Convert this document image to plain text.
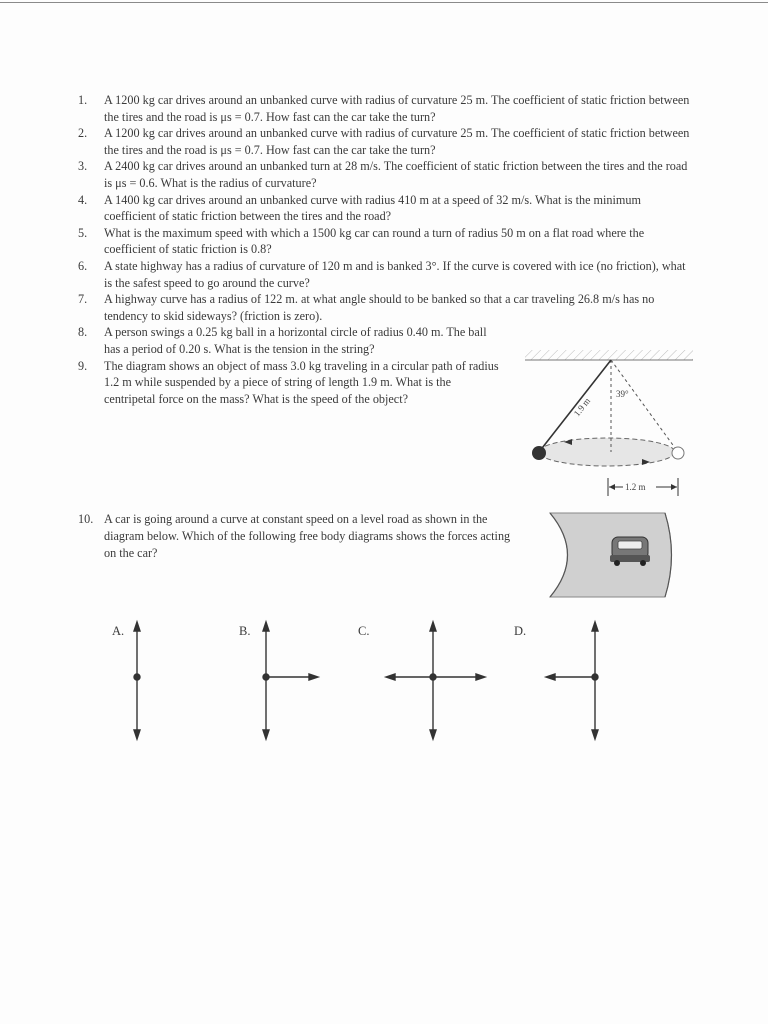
1.	A 1200 kg car drives around an unbanked curve with radius of curvature 25 m. The coefficient of static friction between the tires and the road is μs = 0.7. How fast can the car take the turn?
2.	A 1200 kg car drives around an unbanked curve with radius of curvature 25 m. The coefficient of static friction between the tires and the road is μs = 0.7. How fast can the car take the turn?
3.	A 2400 kg car drives around an unbanked turn at 28 m/s. The coefficient of static friction between the tires and the road is μs = 0.6. What is the radius of curvature?
4.	A 1400 kg car drives around an unbanked curve with radius 410 m at a speed of 32 m/s. What is the minimum coefficient of static friction between the tires and the road?
5.	What is the maximum speed with which a 1500 kg car can round a turn of radius 50 m on a flat road where the coefficient of static friction is 0.8?
6.	A state highway has a radius of curvature of 120 m and is banked 3°. If the curve is covered with ice (no friction), what is the safest speed to go around the curve?
7.	A highway curve has a radius of 122 m. at what angle should to be banked so that a car traveling 26.8 m/s has no tendency to skid sideways? (friction is zero).
8.	A person swings a 0.25 kg ball in a horizontal circle of radius 0.40 m. The ball has a period of 0.20 s. What is the tension in the string?
9.	The diagram shows an object of mass 3.0 kg traveling in a circular path of radius 1.2 m while suspended by a piece of string of length 1.9 m. What is the centripetal force on the mass? What is the speed of the object?	1.9 m
39°
1.2 m
10. A car is going around a curve at constant speed on a level road as shown in the diagram below. Which of the following free body diagrams shows the forces acting on the car?
A.	B.	C.	D.
